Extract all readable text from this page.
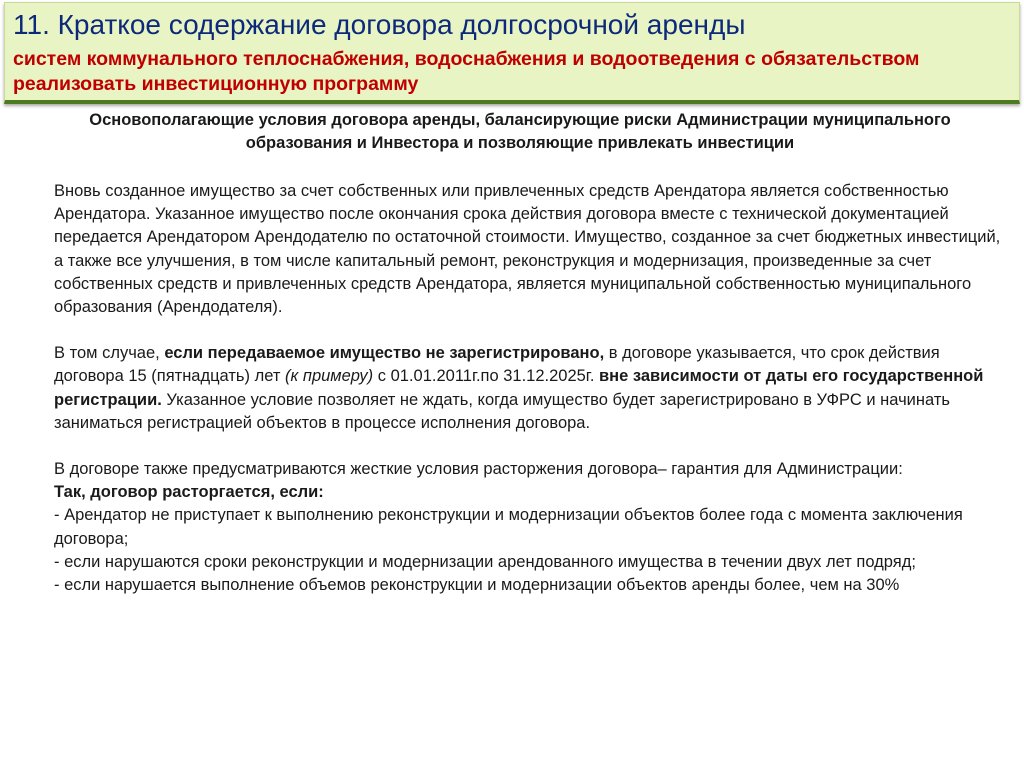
11. Краткое содержание договора долгосрочной аренды

систем коммунального теплоснабжения, водоснабжения и водоотведения с обязательством реализовать инвестиционную программу

Основополагающие условия договора аренды, балансирующие риски Администрации муниципального образования и Инвестора и позволяющие привлекать инвестиции

Вновь созданное имущество за счет собственных или привлеченных средств Арендатора является собственностью Арендатора. Указанное имущество после окончания срока действия договора вместе с технической документацией передается Арендатором Арендодателю по остаточной стоимости. Имущество, созданное за счет бюджетных инвестиций, а также все улучшения, в том числе капитальный ремонт, реконструкция и модернизация, произведенные за счет собственных средств и привлеченных средств Арендатора, является муниципальной собственностью муниципального образования (Арендодателя).

В том случае, если передаваемое имущество не зарегистрировано, в договоре указывается, что срок действия договора 15 (пятнадцать) лет (к примеру) с 01.01.2011г.по 31.12.2025г. вне зависимости от даты его государственной регистрации. Указанное условие позволяет не ждать, когда имущество будет зарегистрировано в УФРС и начинать заниматься регистрацией объектов в процессе исполнения договора.

В договоре также предусматриваются жесткие условия расторжения договора– гарантия для Администрации:

Так, договор расторгается, если:

- Арендатор не приступает к выполнению реконструкции и модернизации объектов более года с момента заключения договора;

- если нарушаются сроки реконструкции и модернизации арендованного имущества в течении двух лет подряд;

- если нарушается выполнение объемов реконструкции и модернизации объектов аренды более, чем на 30%
